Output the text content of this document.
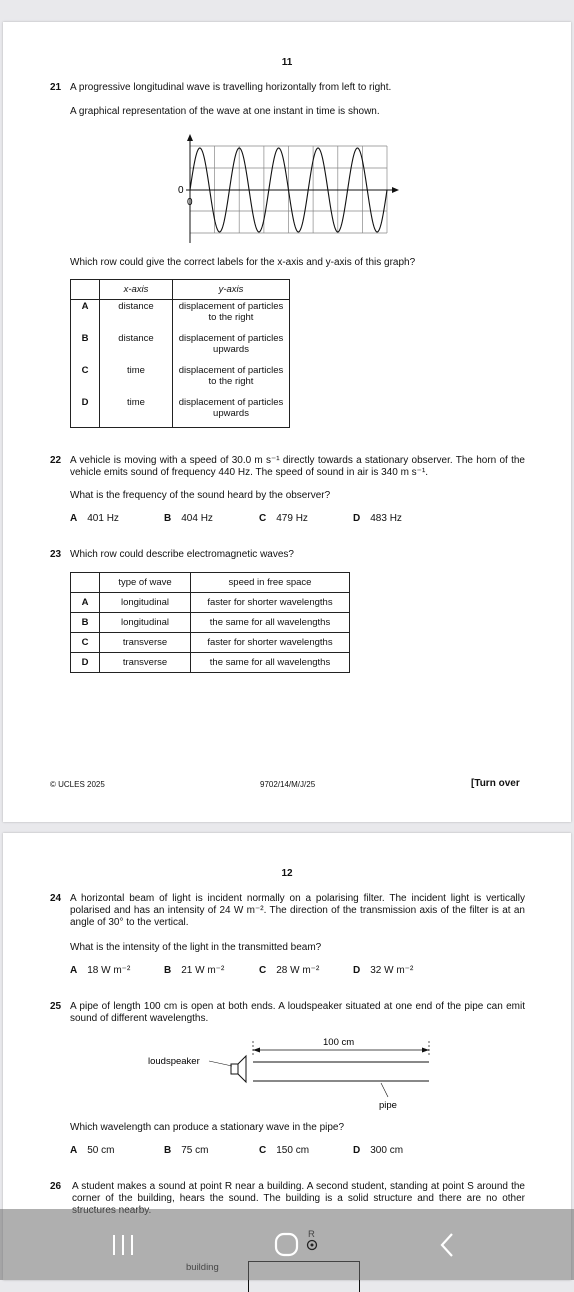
11
21 A progressive longitudinal wave is travelling horizontally from left to right.
A graphical representation of the wave at one instant in time is shown.
0
0
Which row could give the correct labels for the x-axis and y-axis of this graph?
	x-axis	y-axis
A	distance	displacement of particles to the right
B	distance	displacement of particles upwards
C	time	displacement of particles to the right
D	time	displacement of particles upwards
22 A vehicle is moving with a speed of 30.0 m s⁻¹ directly towards a stationary observer. The horn of the vehicle emits sound of frequency 440 Hz. The speed of sound in air is 340 m s⁻¹.
What is the frequency of the sound heard by the observer?
A 401 Hz	B 404 Hz	C 479 Hz	D 483 Hz
23 Which row could describe electromagnetic waves?
	type of wave	speed in free space
A	longitudinal	faster for shorter wavelengths
B	longitudinal	the same for all wavelengths
C	transverse	faster for shorter wavelengths
D	transverse	the same for all wavelengths
© UCLES 2025	9702/14/M/J/25	[Turn over
12
24 A horizontal beam of light is incident normally on a polarising filter. The incident light is vertically polarised and has an intensity of 24 W m⁻². The direction of the transmission axis of the filter is at an angle of 30° to the vertical.
What is the intensity of the light in the transmitted beam?
A 18 W m⁻²	B 21 W m⁻²	C 28 W m⁻²	D 32 W m⁻²
25 A pipe of length 100 cm is open at both ends. A loudspeaker situated at one end of the pipe can emit sound of different wavelengths.
100 cm
loudspeaker
pipe
Which wavelength can produce a stationary wave in the pipe?
A 50 cm	B 75 cm	C 150 cm	D 300 cm
26 A student makes a sound at point R near a building. A second student, standing at point S around the corner of the building, hears the sound. The building is a solid structure and there are no other
